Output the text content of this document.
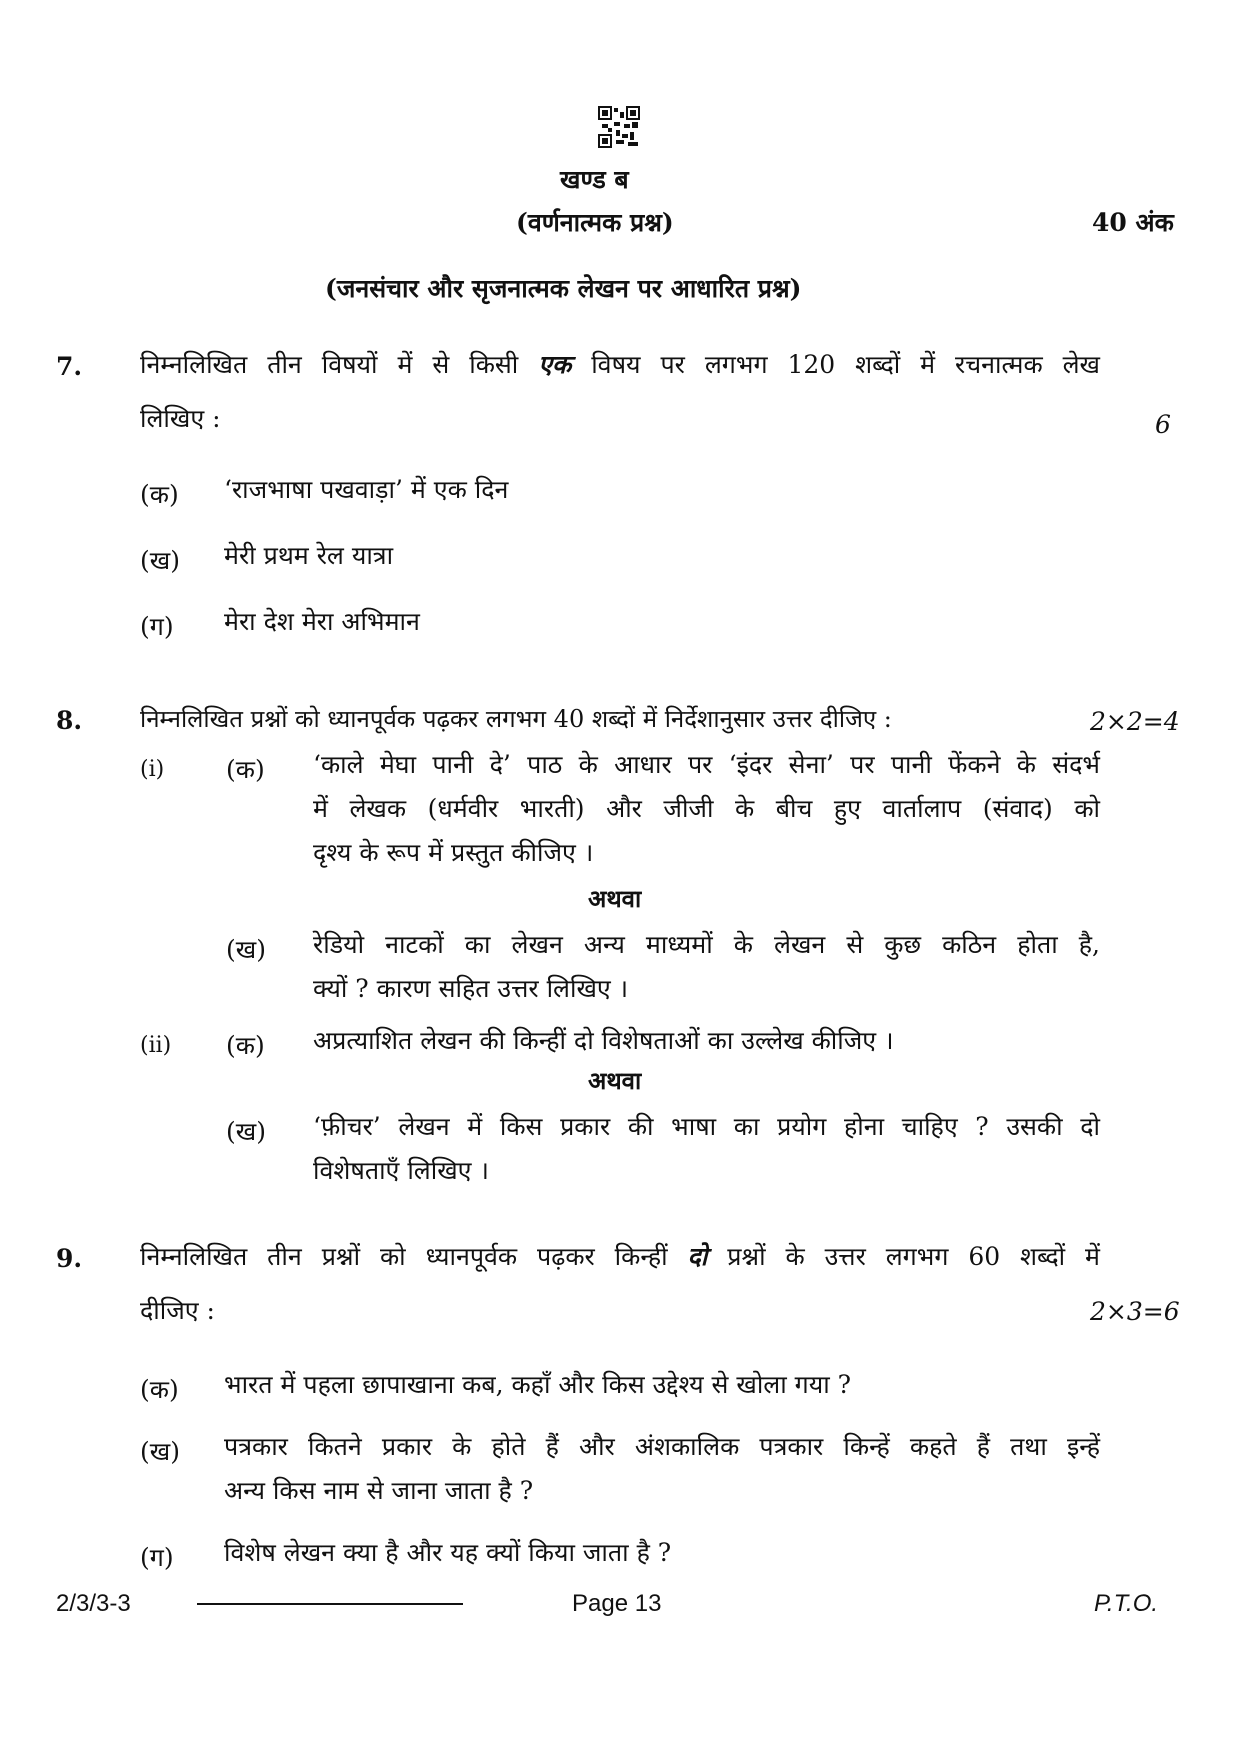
खण्ड ब
(वर्णनात्मक प्रश्न)	40 अंक
(जनसंचार और सृजनात्मक लेखन पर आधारित प्रश्न)
7. निम्नलिखित तीन विषयों में से किसी एक विषय पर लगभग 120 शब्दों में रचनात्मक लेख
लिखिए :	6
(क) ‘राजभाषा पखवाड़ा’ में एक दिन
(ख) मेरी प्रथम रेल यात्रा
(ग) मेरा देश मेरा अभिमान
8. निम्नलिखित प्रश्नों को ध्यानपूर्वक पढ़कर लगभग 40 शब्दों में निर्देशानुसार उत्तर दीजिए :	2×2=4
(i) (क) ‘काले मेघा पानी दे’ पाठ के आधार पर ‘इंदर सेना’ पर पानी फेंकने के संदर्भ
में लेखक (धर्मवीर भारती) और जीजी के बीच हुए वार्तालाप (संवाद) को
दृश्य के रूप में प्रस्तुत कीजिए ।
अथवा
(ख) रेडियो नाटकों का लेखन अन्य माध्यमों के लेखन से कुछ कठिन होता है,
क्यों ? कारण सहित उत्तर लिखिए ।
(ii) (क) अप्रत्याशित लेखन की किन्हीं दो विशेषताओं का उल्लेख कीजिए ।
अथवा
(ख) ‘फ़ीचर’ लेखन में किस प्रकार की भाषा का प्रयोग होना चाहिए ? उसकी दो
विशेषताएँ लिखिए ।
9. निम्नलिखित तीन प्रश्नों को ध्यानपूर्वक पढ़कर किन्हीं दो प्रश्नों के उत्तर लगभग 60 शब्दों में
दीजिए :	2×3=6
(क) भारत में पहला छापाखाना कब, कहाँ और किस उद्देश्य से खोला गया ?
(ख) पत्रकार कितने प्रकार के होते हैं और अंशकालिक पत्रकार किन्हें कहते हैं तथा इन्हें
अन्य किस नाम से जाना जाता है ?
(ग) विशेष लेखन क्या है और यह क्यों किया जाता है ?
2/3/3-3	Page 13	P.T.O.
